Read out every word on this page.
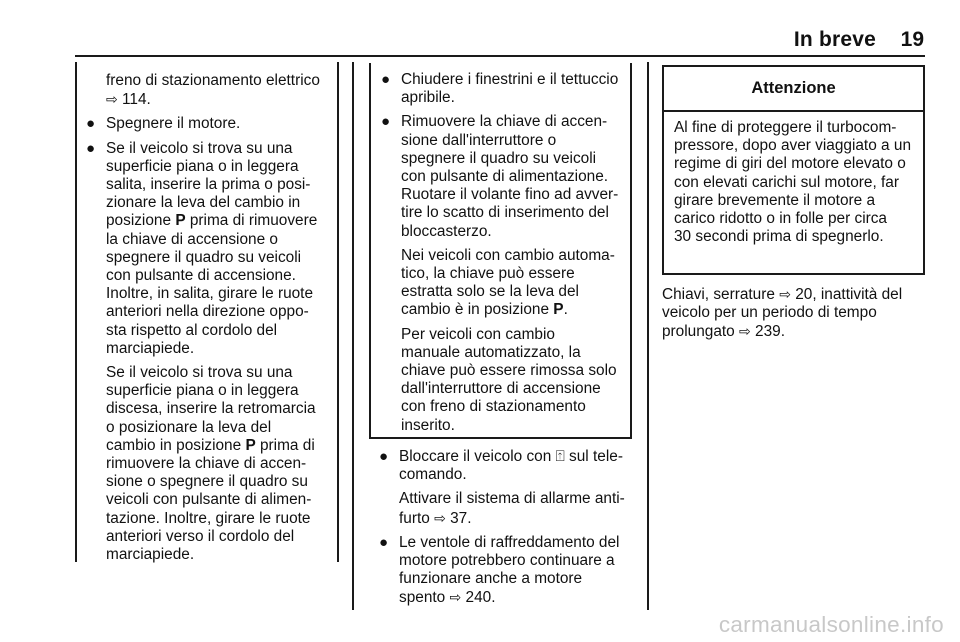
In breve 19

freno di stazionamento elettrico
⇨ 114.

● Spegnere il motore.

● Se il veicolo si trova su una
superficie piana o in leggera
salita, inserire la prima o posi-
zionare la leva del cambio in
posizione P prima di rimuovere
la chiave di accensione o
spegnere il quadro su veicoli
con pulsante di accensione.
Inoltre, in salita, girare le ruote
anteriori nella direzione oppo-
sta rispetto al cordolo del
marciapiede.

Se il veicolo si trova su una
superficie piana o in leggera
discesa, inserire la retromarcia
o posizionare la leva del
cambio in posizione P prima di
rimuovere la chiave di accen-
sione o spegnere il quadro su
veicoli con pulsante di alimen-
tazione. Inoltre, girare le ruote
anteriori verso il cordolo del
marciapiede.

● Chiudere i finestrini e il tettuccio
apribile.

● Rimuovere la chiave di accen-
sione dall'interruttore o
spegnere il quadro su veicoli
con pulsante di alimentazione.
Ruotare il volante fino ad avver-
tire lo scatto di inserimento del
bloccasterzo.

Nei veicoli con cambio automa-
tico, la chiave può essere
estratta solo se la leva del
cambio è in posizione P.

Per veicoli con cambio
manuale automatizzato, la
chiave può essere rimossa solo
dall'interruttore di accensione
con freno di stazionamento
inserito.

● Bloccare il veicolo con ⍐ sul tele-
comando.

Attivare il sistema di allarme anti-
furto ⇨ 37.

● Le ventole di raffreddamento del
motore potrebbero continuare a
funzionare anche a motore
spento ⇨ 240.

Attenzione
Al fine di proteggere il turbocom-
pressore, dopo aver viaggiato a un
regime di giri del motore elevato o
con elevati carichi sul motore, far
girare brevemente il motore a
carico ridotto o in folle per circa
30 secondi prima di spegnerlo.

Chiavi, serrature ⇨ 20, inattività del
veicolo per un periodo di tempo
prolungato ⇨ 239.

carmanualsonline.info
